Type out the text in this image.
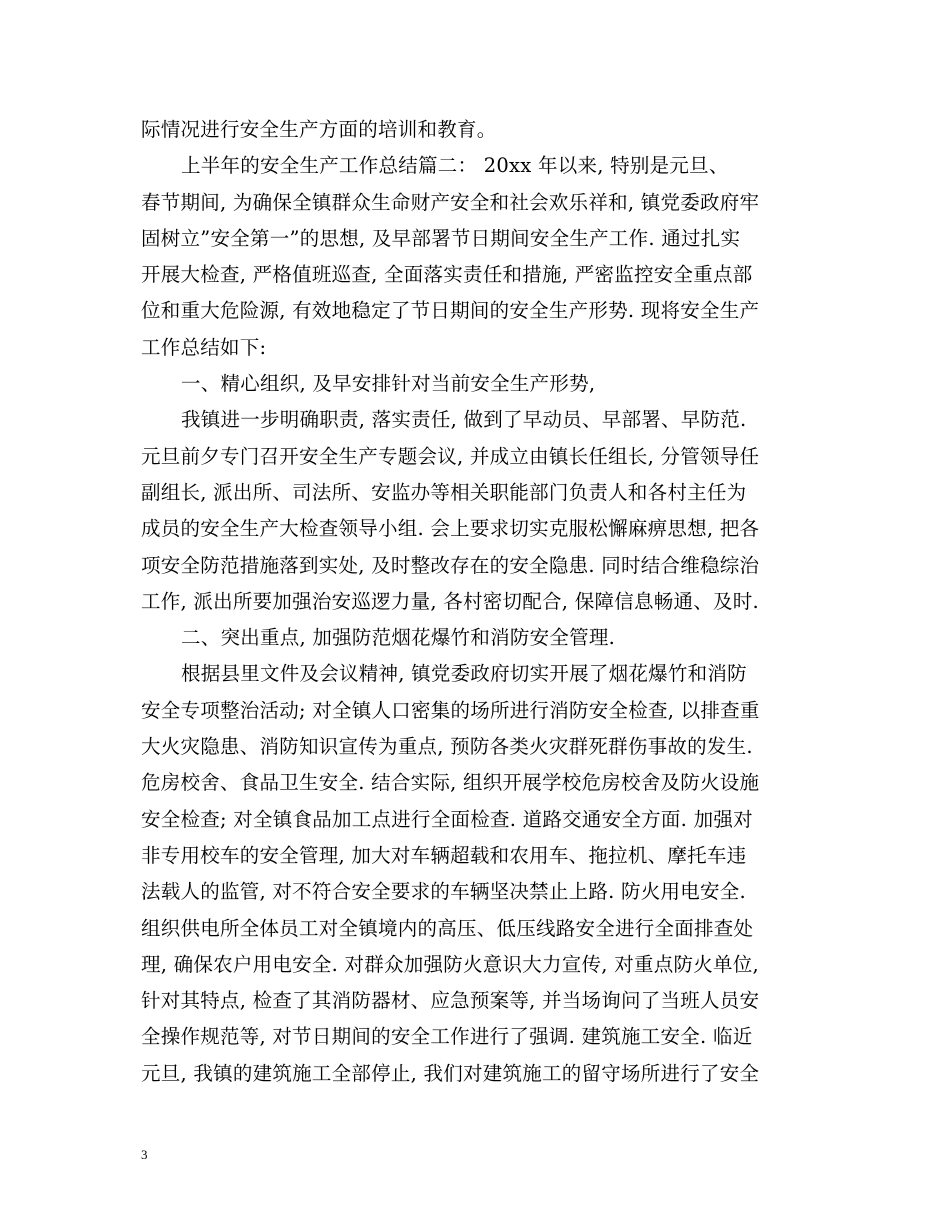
际情况进行安全生产方面的培训和教育。
上半年的安全生产工作总结篇二： 20xx 年以来, 特别是元旦、
春节期间, 为确保全镇群众生命财产安全和社会欢乐祥和, 镇党委政府牢
固树立”安全第一”的思想, 及早部署节日期间安全生产工作. 通过扎实
开展大检查, 严格值班巡查, 全面落实责任和措施, 严密监控安全重点部
位和重大危险源, 有效地稳定了节日期间的安全生产形势. 现将安全生产
工作总结如下:
一、精心组织, 及早安排针对当前安全生产形势,
我镇进一步明确职责, 落实责任, 做到了早动员、早部署、早防范.
元旦前夕专门召开安全生产专题会议, 并成立由镇长任组长, 分管领导任
副组长, 派出所、司法所、安监办等相关职能部门负责人和各村主任为
成员的安全生产大检查领导小组. 会上要求切实克服松懈麻痹思想, 把各
项安全防范措施落到实处, 及时整改存在的安全隐患. 同时结合维稳综治
工作, 派出所要加强治安巡逻力量, 各村密切配合, 保障信息畅通、及时.
二、突出重点, 加强防范烟花爆竹和消防安全管理.
根据县里文件及会议精神, 镇党委政府切实开展了烟花爆竹和消防
安全专项整治活动; 对全镇人口密集的场所进行消防安全检查, 以排查重
大火灾隐患、消防知识宣传为重点, 预防各类火灾群死群伤事故的发生.
危房校舍、食品卫生安全. 结合实际, 组织开展学校危房校舍及防火设施
安全检查; 对全镇食品加工点进行全面检查. 道路交通安全方面. 加强对
非专用校车的安全管理, 加大对车辆超载和农用车、拖拉机、摩托车违
法载人的监管, 对不符合安全要求的车辆坚决禁止上路. 防火用电安全.
组织供电所全体员工对全镇境内的高压、低压线路安全进行全面排查处
理, 确保农户用电安全. 对群众加强防火意识大力宣传, 对重点防火单位,
针对其特点, 检查了其消防器材、应急预案等, 并当场询问了当班人员安
全操作规范等, 对节日期间的安全工作进行了强调. 建筑施工安全. 临近
元旦, 我镇的建筑施工全部停止, 我们对建筑施工的留守场所进行了安全
3
